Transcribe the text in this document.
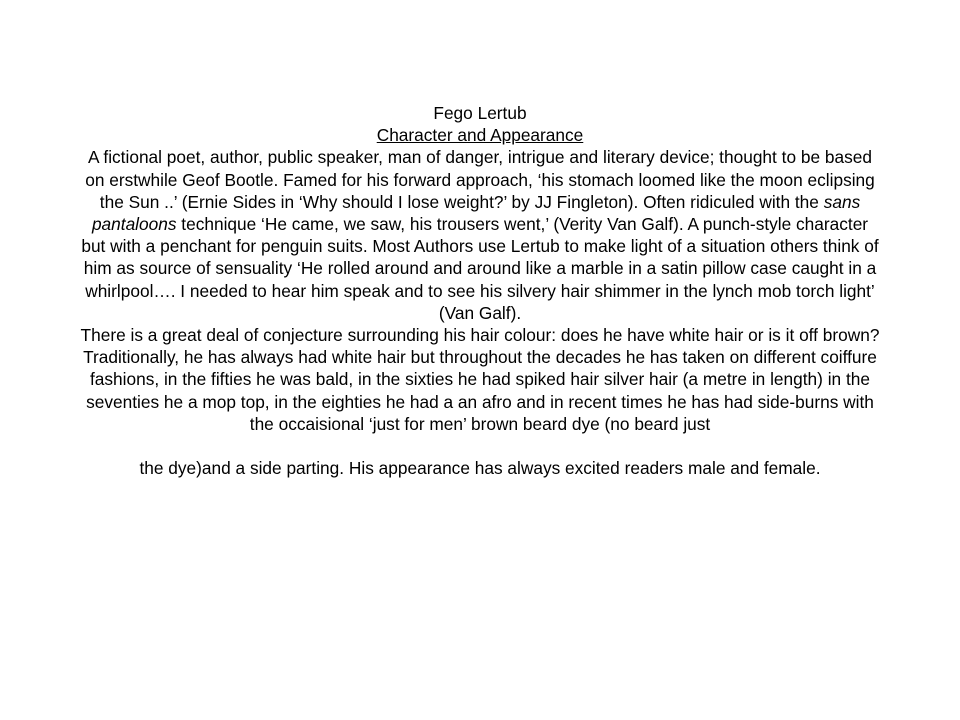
Fego Lertub

Character and Appearance

A fictional poet, author, public speaker, man of danger, intrigue and literary device; thought to be based on erstwhile Geof Bootle. Famed for his forward approach, ‘his stomach loomed like the moon eclipsing the Sun ..’ (Ernie Sides in ‘Why should I lose weight?’ by JJ Fingleton). Often ridiculed with the sans pantaloons technique ‘He came, we saw, his trousers went,’ (Verity Van Galf). A punch-style character but with a penchant for penguin suits. Most Authors use Lertub to make light of a situation others think of him as source of sensuality ‘He rolled around and around like a marble in a satin pillow case caught in a whirlpool…. I needed to hear him speak and to see his silvery hair shimmer in the lynch mob torch light’ (Van Galf).

There is a great deal of conjecture surrounding his hair colour: does he have white hair or is it off brown? Traditionally, he has always had white hair but throughout the decades he has taken on different coiffure fashions, in the fifties he was bald, in the sixties he had spiked hair silver hair (a metre in length) in the seventies he a mop top, in the eighties he had a an afro and in recent times he has had side-burns with the occaisional ‘just for men’ brown beard dye (no beard just

the dye)and a side parting. His appearance has always excited readers male and female.
